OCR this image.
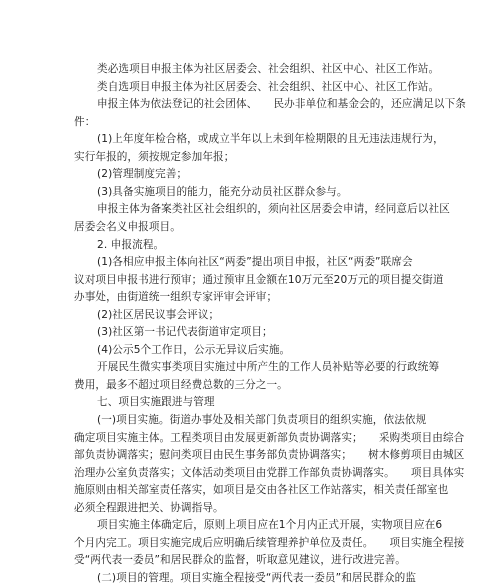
类必选项目申报主体为社区居委会、社会组织、社区中心、社区工作站。
类自选项目申报主体为社区居委会、社会组织、社区中心、社区工作站。
申报主体为依法登记的社会团体、　　民办非单位和基金会的，还应满足以下条
件：
(1)上年度年检合格，或成立半年以上未到年检期限的且无违法违规行为，
实行年报的，须按规定参加年报；
(2)管理制度完善；
(3)具备实施项目的能力，能充分动员社区群众参与。
申报主体为备案类社区社会组织的，须向社区居委会申请，经同意后以社区
居委会名义申报项目。
2. 申报流程。
(1)各相应申报主体向社区“两委”提出项目申报，社区“两委”联席会
议对项目申报书进行预审；通过预审且金额在10万元至20万元的项目提交街道
办事处，由街道统一组织专家评审会评审；
(2)社区居民议事会评议；
(3)社区第一书记代表街道审定项目；
(4)公示5个工作日，公示无异议后实施。
开展民生微实事类项目实施过中所产生的工作人员补贴等必要的行政统筹
费用，最多不超过项目经费总数的三分之一。
七、项目实施跟进与管理
(一)项目实施。街道办事处及相关部门负责项目的组织实施，依法依规
确定项目实施主体。工程类项目由发展更新部负责协调落实；　　采购类项目由综合
部负责协调落实；慰问类项目由民生事务部负责协调落实；　　树木修剪项目由城区
治理办公室负责落实；文体活动类项目由党群工作部负责协调落实。　　项目具体实
施原则由相关部室责任落实，如项目是交由各社区工作站落实，相关责任部室也
必须全程跟进把关、协调指导。
项目实施主体确定后，原则上项目应在1个月内正式开展，实物项目应在6
个月内完工。项目实施完成后应明确后续管理养护单位及责任。　　项目实施全程接
受“两代表一委员”和居民群众的监督，听取意见建议，进行改进完善。
(二)项目的管理。项目实施全程接受“两代表一委员”和居民群众的监
